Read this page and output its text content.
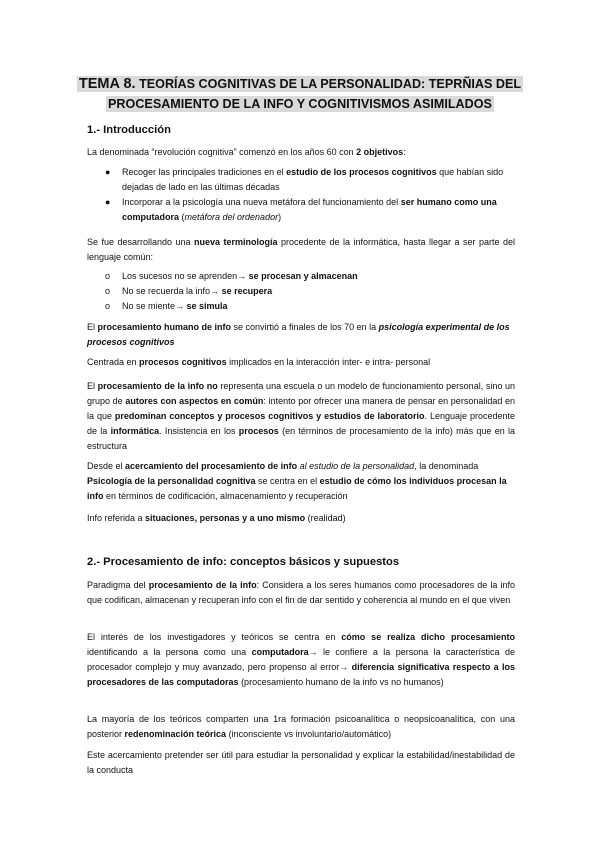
TEMA 8. TEORÍAS COGNITIVAS DE LA PERSONALIDAD: TEPRÑIAS DEL
PROCESAMIENTO DE LA INFO Y COGNITIVISMOS ASIMILADOS
1.- Introducción
La denominada “revolución cognitiva” comenzó en los años 60 con 2 objetivos:
● Recoger las principales tradiciones en el estudio de los procesos cognitivos que habían sido dejadas de lado en las últimas décadas
● Incorporar a la psicología una nueva metáfora del funcionamiento del ser humano como una computadora (metáfora del ordenador)
Se fue desarrollando una nueva terminología procedente de la informática, hasta llegar a ser parte del lenguaje común:
o Los sucesos no se aprenden→ se procesan y almacenan
o No se recuerda la info→ se recupera
o No se miente→ se simula
El procesamiento humano de info se convirtió a finales de los 70 en la psicología experimental de los procesos cognitivos
Centrada en procesos cognitivos implicados en la interacción inter- e intra- personal
El procesamiento de la info no representa una escuela o un modelo de funcionamiento personal, sino un grupo de autores con aspectos en común: intento por ofrecer una manera de pensar en personalidad en la que predominan conceptos y procesos cognitivos y estudios de laboratorio. Lenguaje procedente de la informática. Insistencia en los procesos (en términos de procesamiento de la info) más que en la estructura
Desde el acercamiento del procesamiento de info al estudio de la personalidad, la denominada Psicología de la personalidad cognitiva se centra en el estudio de cómo los individuos procesan la info en términos de codificación, almacenamiento y recuperación
Info referida a situaciones, personas y a uno mismo (realidad)
2.- Procesamiento de info: conceptos básicos y supuestos
Paradigma del procesamiento de la info: Considera a los seres humanos como procesadores de la info que codifican, almacenan y recuperan info con el fin de dar sentido y coherencia al mundo en el que viven
El interés de los investigadores y teóricos se centra en cómo se realiza dicho procesamiento identificando a la persona como una computadora→ le confiere a la persona la característica de procesador complejo y muy avanzado, pero propenso al error→ diferencia significativa respecto a los procesadores de las computadoras (procesamiento humano de la info vs no humanos)
La mayoría de los teóricos comparten una 1ra formación psicoanalítica o neopsicoanalítica, con una posterior redenominación teórica (inconsciente vs involuntario/automático)
Este acercamiento pretender ser útil para estudiar la personalidad y explicar la estabilidad/inestabilidad de la conducta
